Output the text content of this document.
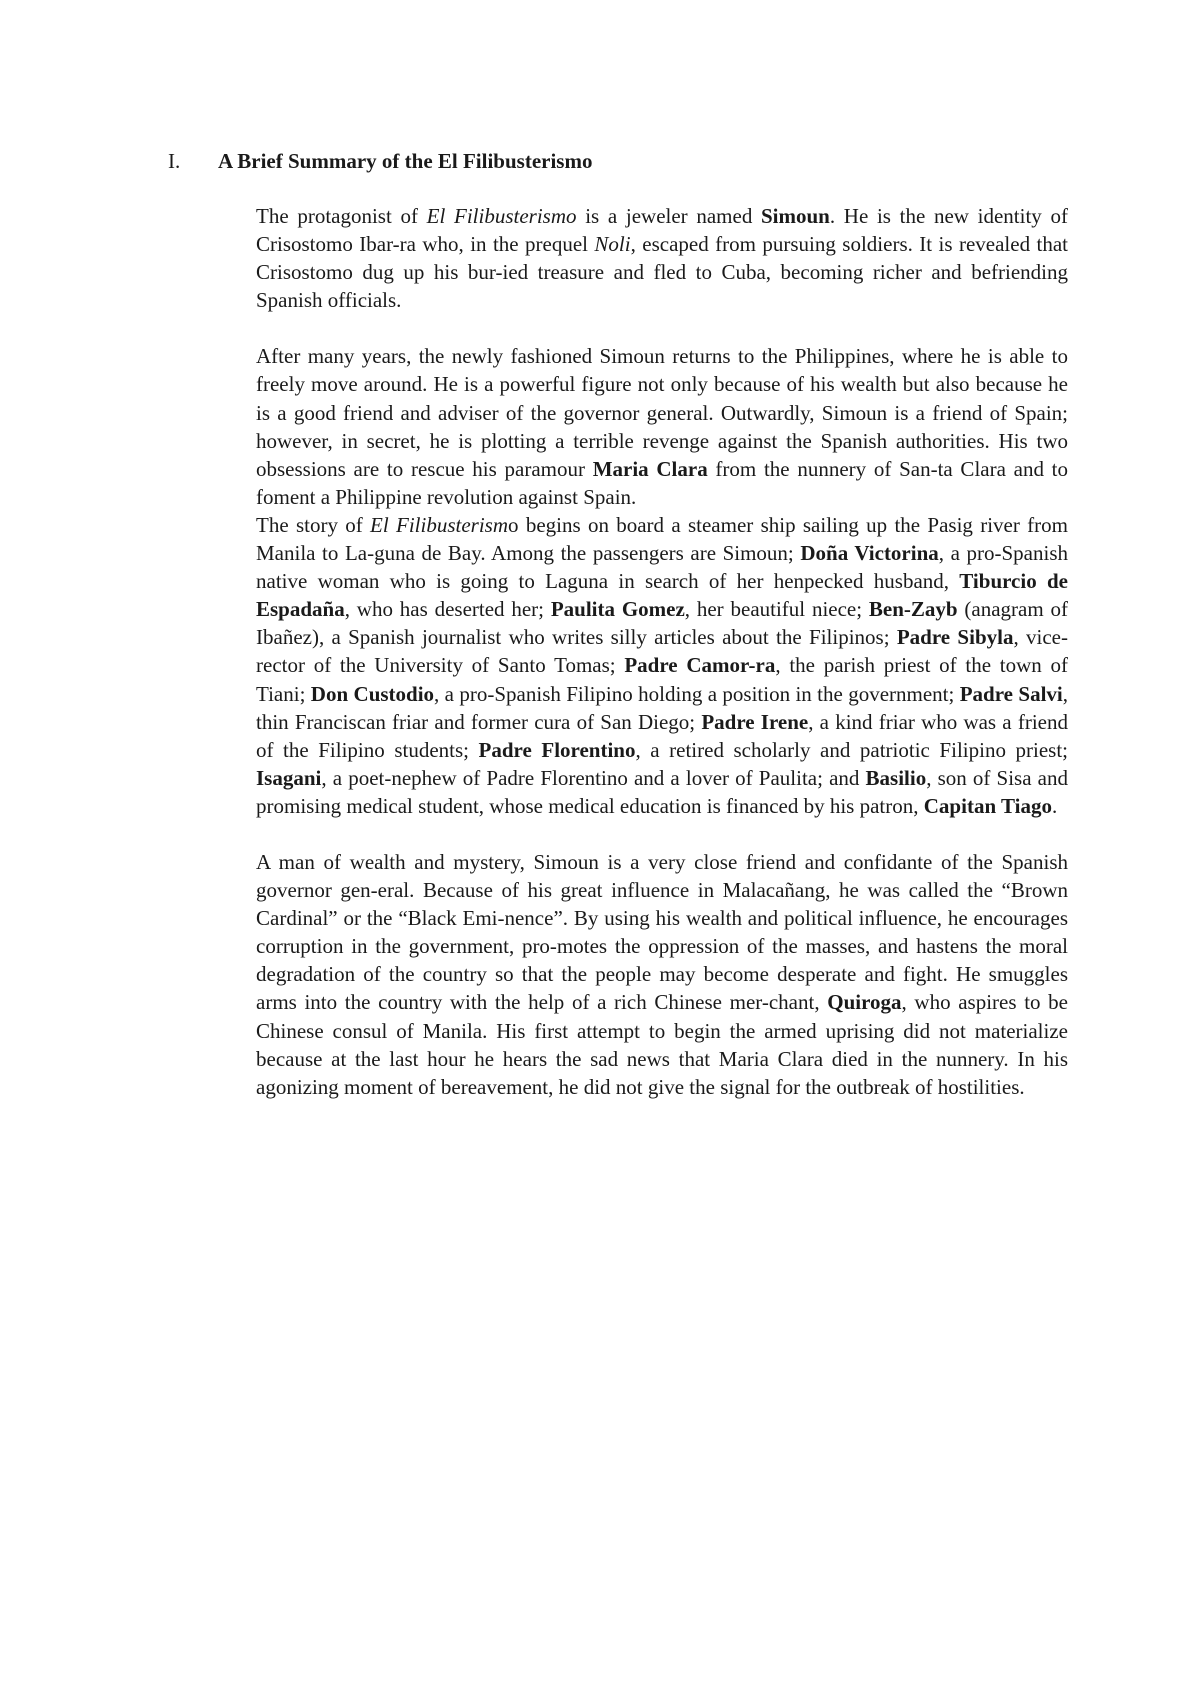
I. A Brief Summary of the El Filibusterismo

The protagonist of El Filibusterismo is a jeweler named Simoun. He is the new identity of Crisostomo Ibar-ra who, in the prequel Noli, escaped from pursuing soldiers. It is revealed that Crisostomo dug up his bur-ied treasure and fled to Cuba, becoming richer and befriending Spanish officials.

After many years, the newly fashioned Simoun returns to the Philippines, where he is able to freely move around. He is a powerful figure not only because of his wealth but also because he is a good friend and adviser of the governor general. Outwardly, Simoun is a friend of Spain; however, in secret, he is plotting a terrible revenge against the Spanish authorities. His two obsessions are to rescue his paramour Maria Clara from the nunnery of San-ta Clara and to foment a Philippine revolution against Spain.

The story of El Filibusterismo begins on board a steamer ship sailing up the Pasig river from Manila to La-guna de Bay. Among the passengers are Simoun; Doña Victorina, a pro-Spanish native woman who is going to Laguna in search of her henpecked husband, Tiburcio de Espadaña, who has deserted her; Paulita Gomez, her beautiful niece; Ben-Zayb (anagram of Ibañez), a Spanish journalist who writes silly articles about the Filipinos; Padre Sibyla, vice-rector of the University of Santo Tomas; Padre Camor-ra, the parish priest of the town of Tiani; Don Custodio, a pro-Spanish Filipino holding a position in the government; Padre Salvi, thin Franciscan friar and former cura of San Diego; Padre Irene, a kind friar who was a friend of the Filipino students; Padre Florentino, a retired scholarly and patriotic Filipino priest; Isagani, a poet-nephew of Padre Florentino and a lover of Paulita; and Basilio, son of Sisa and promising medical student, whose medical education is financed by his patron, Capitan Tiago.

A man of wealth and mystery, Simoun is a very close friend and confidante of the Spanish governor gen-eral. Because of his great influence in Malacañang, he was called the “Brown Cardinal” or the “Black Emi-nence”. By using his wealth and political influence, he encourages corruption in the government, pro-motes the oppression of the masses, and hastens the moral degradation of the country so that the people may become desperate and fight. He smuggles arms into the country with the help of a rich Chinese mer-chant, Quiroga, who aspires to be Chinese consul of Manila. His first attempt to begin the armed uprising did not materialize because at the last hour he hears the sad news that Maria Clara died in the nunnery. In his agonizing moment of bereavement, he did not give the signal for the outbreak of hostilities.
